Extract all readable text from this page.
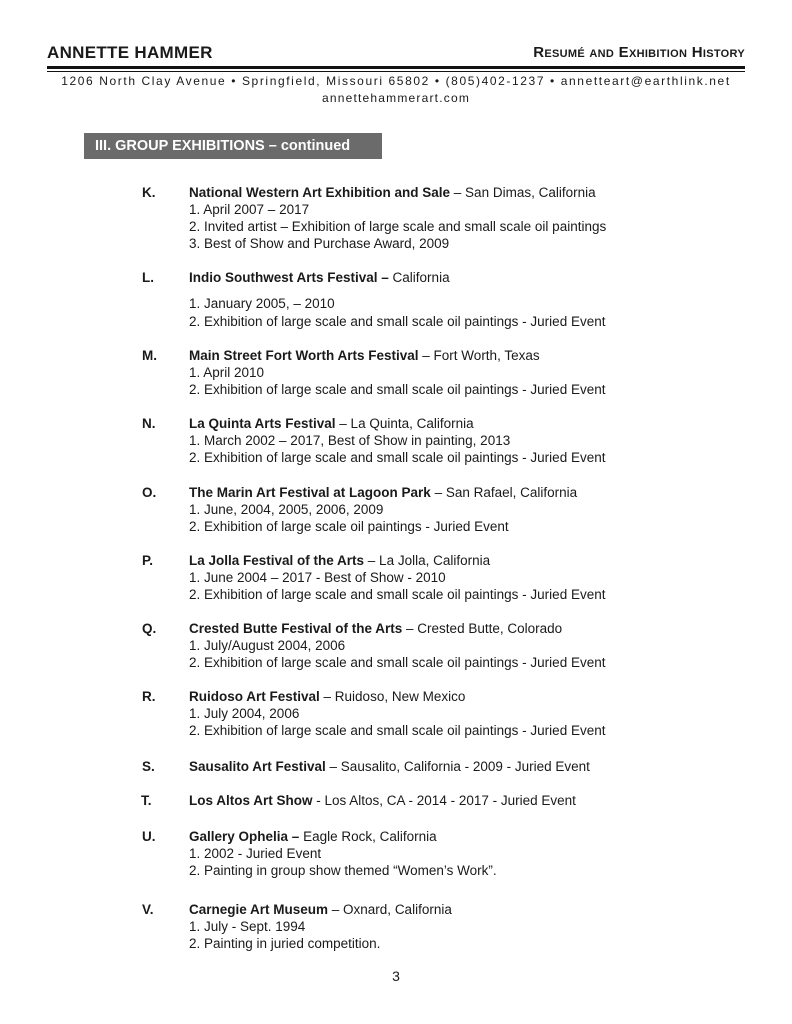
ANNETTE HAMMER	Resumé and Exhibition History
1206 North Clay Avenue • Springfield, Missouri 65802 • (805)402-1237 • annetteart@earthlink.net
annettehammerart.com
III. GROUP EXHIBITIONS – continued
K. National Western Art Exhibition and Sale – San Dimas, California
1. April 2007 – 2017
2. Invited artist – Exhibition of large scale and small scale oil paintings
3. Best of Show and Purchase Award, 2009
L.	Indio Southwest Arts Festival – California
1. January 2005, – 2010
2. Exhibition of large scale and small scale oil paintings - Juried Event
M. Main Street Fort Worth Arts Festival – Fort Worth, Texas
1. April 2010
2. Exhibition of large scale and small scale oil paintings - Juried Event
N. La Quinta Arts Festival – La Quinta, California
1. March 2002 – 2017, Best of Show in painting, 2013
2. Exhibition of large scale and small scale oil paintings - Juried Event
O. The Marin Art Festival at Lagoon Park – San Rafael, California
1. June, 2004, 2005, 2006, 2009
2. Exhibition of large scale oil paintings - Juried Event
P.	La Jolla Festival of the Arts – La Jolla, California
1. June 2004 – 2017 - Best of Show - 2010
2. Exhibition of large scale and small scale oil paintings - Juried Event
Q. Crested Butte Festival of the Arts – Crested Butte, Colorado
1. July/August 2004, 2006
2. Exhibition of large scale and small scale oil paintings - Juried Event
R. Ruidoso Art Festival – Ruidoso, New Mexico
1. July 2004, 2006
2. Exhibition of large scale and small scale oil paintings - Juried Event
S.	Sausalito Art Festival – Sausalito, California - 2009 - Juried Event
T.	Los Altos Art Show - Los Altos, CA - 2014 - 2017 - Juried Event
U. Gallery Ophelia – Eagle Rock, California
1. 2002 - Juried Event
2. Painting in group show themed “Women’s Work”.
V.	Carnegie Art Museum – Oxnard, California
1. July - Sept. 1994
2. Painting in juried competition.
3
